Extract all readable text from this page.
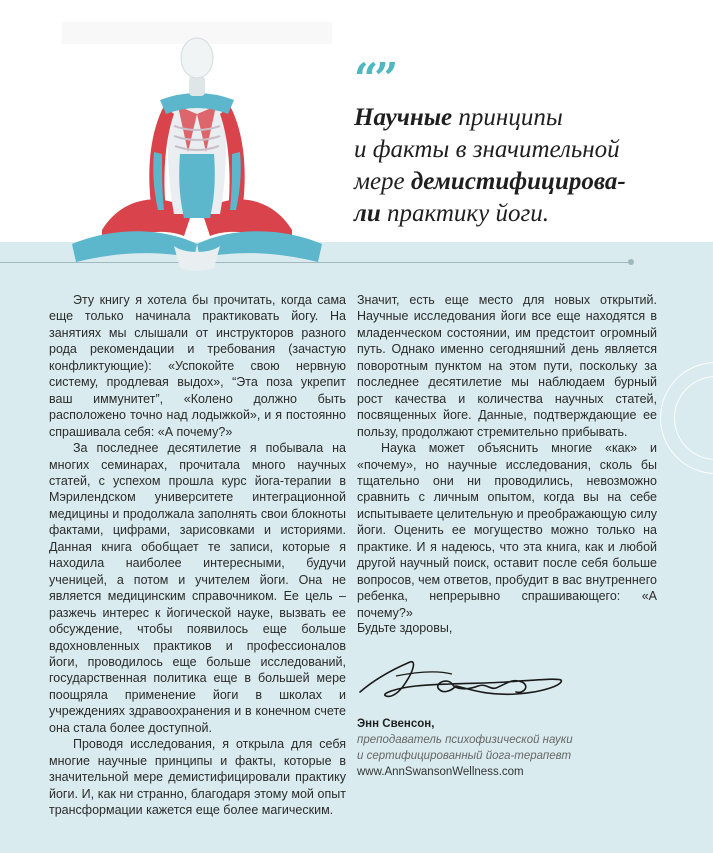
“”
Научные принципы
и факты в значительной
мере демистифицирова-
ли практику йоги.

Эту книгу я хотела бы прочитать, когда сама еще только начинала практиковать йогу. На занятиях мы слышали от инструкторов разного рода рекомендации и требования (зачастую конфликтующие): «Успокойте свою нервную систему, продлевая выдох», “Эта поза укрепит ваш иммунитет”, «Колено должно быть расположено точно над лодыжкой», и я постоянно спрашивала себя: «А почему?»

За последнее десятилетие я побывала на многих семинарах, прочитала много научных статей, с успехом прошла курс йога-терапии в Мэрилендском университете интеграционной медицины и продолжала заполнять свои блокноты фактами, цифрами, зарисовками и историями. Данная книга обобщает те записи, которые я находила наиболее интересными, будучи ученицей, а потом и учителем йоги. Она не является медицинским справочником. Ее цель – разжечь интерес к йогической науке, вызвать ее обсуждение, чтобы появилось еще больше вдохновленных практиков и профессионалов йоги, проводилось еще больше исследований, государственная политика еще в большей мере поощряла применение йоги в школах и учреждениях здравоохранения и в конечном счете она стала более доступной.

Проводя исследования, я открыла для себя многие научные принципы и факты, которые в значительной мере демистифицировали практику йоги. И, как ни странно, благодаря этому мой опыт трансформации кажется еще более магическим.

Значит, есть еще место для новых открытий. Научные исследования йоги все еще находятся в младенческом состоянии, им предстоит огромный путь. Однако именно сегодняшний день является поворотным пунктом на этом пути, поскольку за последнее десятилетие мы наблюдаем бурный рост качества и количества научных статей, посвященных йоге. Данные, подтверждающие ее пользу, продолжают стремительно прибывать.

Наука может объяснить многие «как» и «почему», но научные исследования, сколь бы тщательно они ни проводились, невозможно сравнить с личным опытом, когда вы на себе испытываете целительную и преображающую силу йоги. Оценить ее могущество можно только на практике. И я надеюсь, что эта книга, как и любой другой научный поиск, оставит после себя больше вопросов, чем ответов, пробудит в вас внутреннего ребенка, непрерывно спрашивающего: «А почему?»

Будьте здоровы,
Энн Свенсон,
преподаватель психофизической науки
и сертифицированный йога-терапевт
www.AnnSwansonWellness.com
